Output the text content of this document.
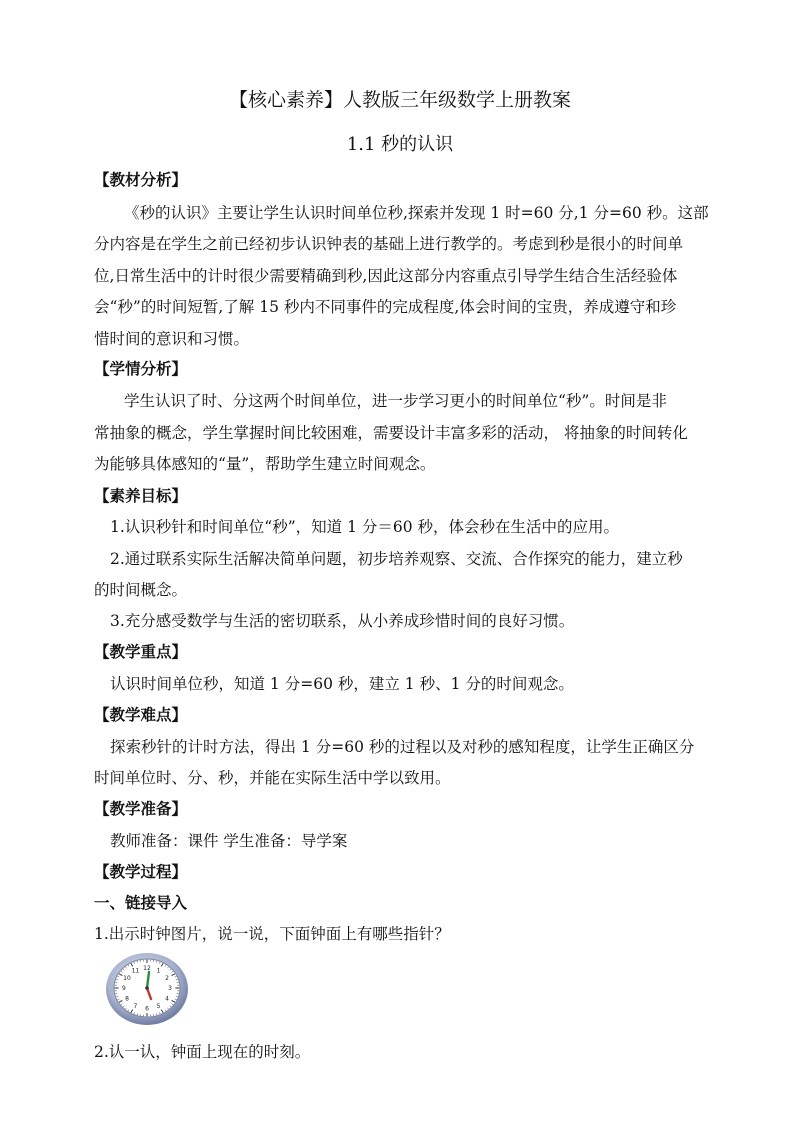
【核心素养】人教版三年级数学上册教案
1.1 秒的认识
【教材分析】
《秒的认识》主要让学生认识时间单位秒,探索并发现 1 时=60 分,1 分=60 秒。这部
分内容是在学生之前已经初步认识钟表的基础上进行教学的。考虑到秒是很小的时间单
位,日常生活中的计时很少需要精确到秒,因此这部分内容重点引导学生结合生活经验体
会“秒”的时间短暂,了解 15 秒内不同事件的完成程度,体会时间的宝贵，养成遵守和珍
惜时间的意识和习惯。
【学情分析】
学生认识了时、分这两个时间单位，进一步学习更小的时间单位“秒”。时间是非
常抽象的概念，学生掌握时间比较困难，需要设计丰富多彩的活动， 将抽象的时间转化
为能够具体感知的“量”，帮助学生建立时间观念。
【素养目标】
1.认识秒针和时间单位“秒”，知道 1 分＝60 秒，体会秒在生活中的应用。
2.通过联系实际生活解决简单问题，初步培养观察、交流、合作探究的能力，建立秒
的时间概念。
3.充分感受数学与生活的密切联系，从小养成珍惜时间的良好习惯。
【教学重点】
认识时间单位秒，知道 1 分=60 秒，建立 1 秒、1 分的时间观念。
【教学难点】
探索秒针的计时方法，得出 1 分=60 秒的过程以及对秒的感知程度，让学生正确区分
时间单位时、分、秒，并能在实际生活中学以致用。
【教学准备】
教师准备：课件 学生准备：导学案
【教学过程】
一、链接导入
1.出示时钟图片，说一说，下面钟面上有哪些指针？
12 1
2
3
4
5
6
7
8
9
10
11
2.认一认，钟面上现在的时刻。
